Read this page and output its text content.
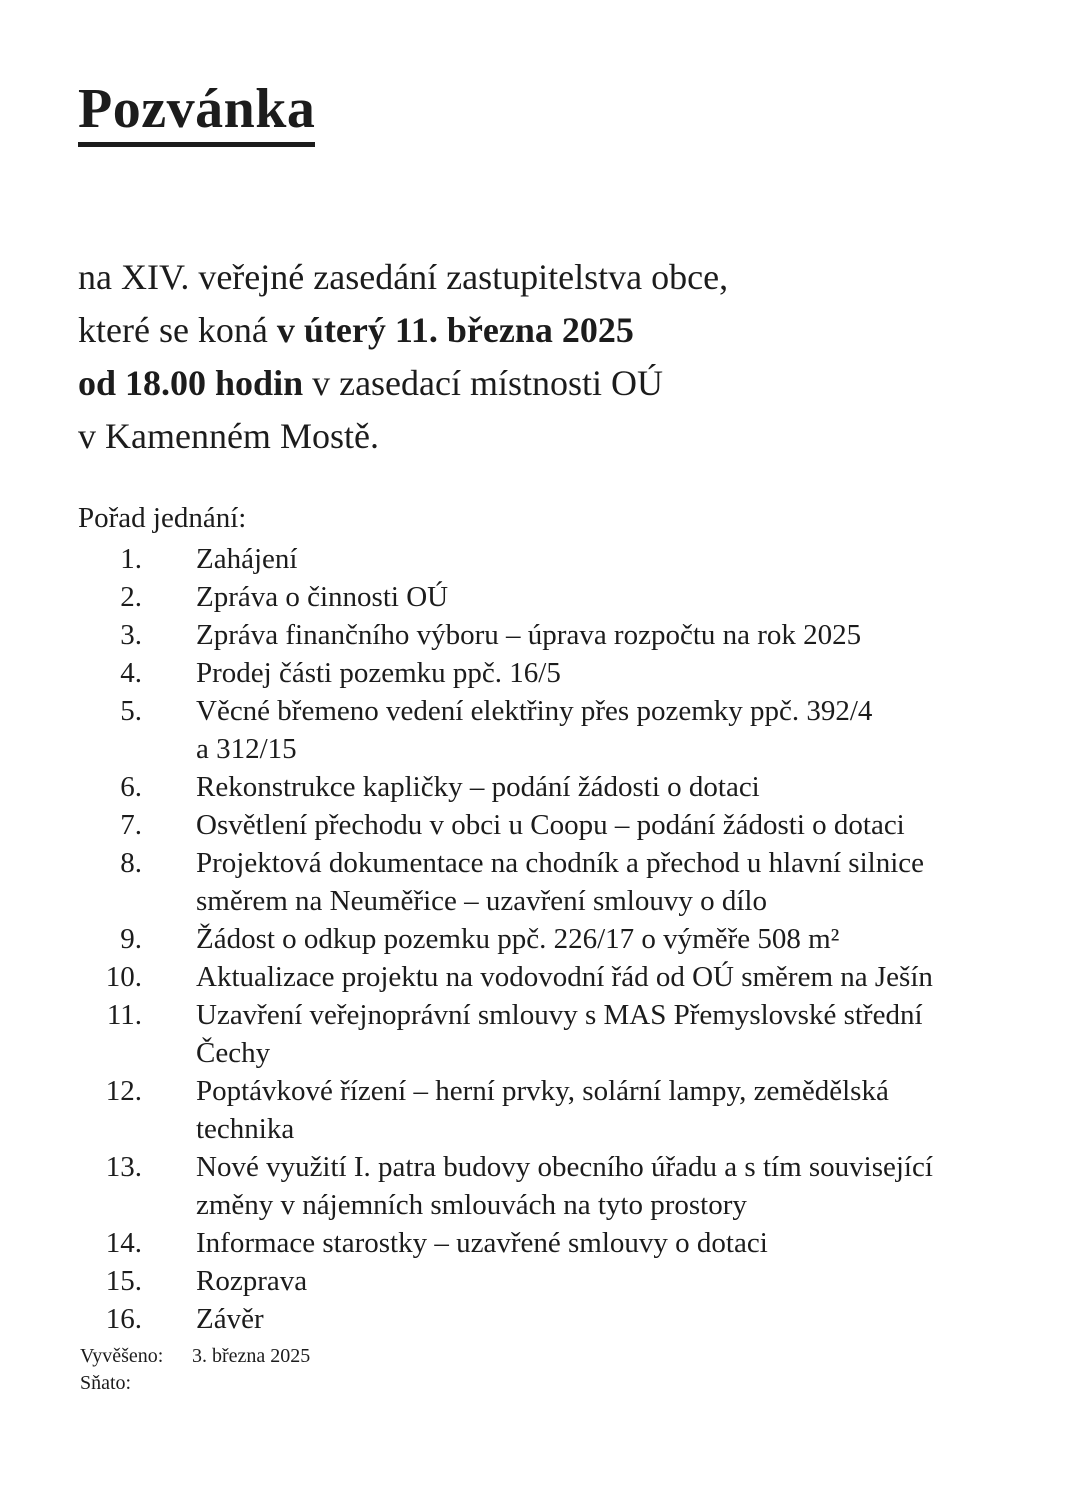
Pozvánka
na XIV. veřejné zasedání zastupitelstva obce,
které se koná v úterý 11. března 2025
od 18.00 hodin v zasedací místnosti OÚ
v Kamenném Mostě.
Pořad jednání:
1. Zahájení
2. Zpráva o činnosti OÚ
3. Zpráva finančního výboru – úprava rozpočtu na rok 2025
4. Prodej části pozemku ppč. 16/5
5. Věcné břemeno vedení elektřiny přes pozemky ppč. 392/4
a 312/15
6. Rekonstrukce kapličky – podání žádosti o dotaci
7. Osvětlení přechodu v obci u Coopu – podání žádosti o dotaci
8. Projektová dokumentace na chodník a přechod u hlavní silnice
směrem na Neuměřice – uzavření smlouvy o dílo
9. Žádost o odkup pozemku ppč. 226/17 o výměře 508 m²
10. Aktualizace projektu na vodovodní řád od OÚ směrem na Ješín
11. Uzavření veřejnoprávní smlouvy s MAS Přemyslovské střední
Čechy
12. Poptávkové řízení – herní prvky, solární lampy, zemědělská
technika
13. Nové využití I. patra budovy obecního úřadu a s tím související
změny v nájemních smlouvách na tyto prostory
14. Informace starostky – uzavřené smlouvy o dotaci
15. Rozprava
16. Závěr
Vyvěšeno:	3. března 2025
Sňato:
